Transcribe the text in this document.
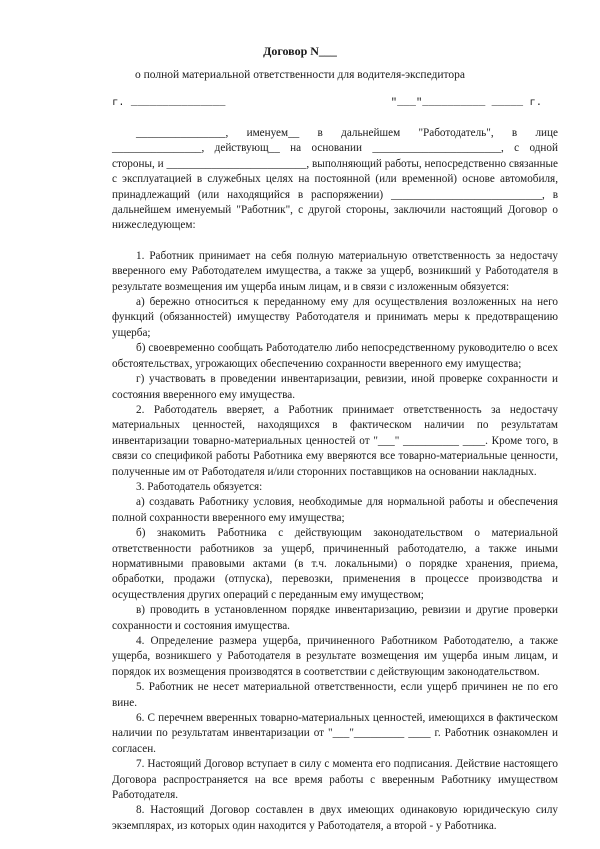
Договор N___
о полной материальной ответственности для водителя-экспедитора
г. _______________	"___"__________ _____ г.

________________, именуем__ в дальнейшем "Работодатель", в лице ________________, действующ__ на основании _______________________, с одной стороны, и _________________________, выполняющий работы, непосредственно связанные с эксплуатацией в служебных целях на постоянной (или временной) основе автомобиля, принадлежащий (или находящийся в распоряжении) ___________________________, в дальнейшем именуемый "Работник", с другой стороны, заключили настоящий Договор о нижеследующем:

1. Работник принимает на себя полную материальную ответственность за недостачу вверенного ему Работодателем имущества, а также за ущерб, возникший у Работодателя в результате возмещения им ущерба иным лицам, и в связи с изложенным обязуется:

а) бережно относиться к переданному ему для осуществления возложенных на него функций (обязанностей) имуществу Работодателя и принимать меры к предотвращению ущерба;

б) своевременно сообщать Работодателю либо непосредственному руководителю о всех обстоятельствах, угрожающих обеспечению сохранности вверенного ему имущества;

г) участвовать в проведении инвентаризации, ревизии, иной проверке сохранности и состояния вверенного ему имущества.

2. Работодатель вверяет, а Работник принимает ответственность за недостачу материальных ценностей, находящихся в фактическом наличии по результатам инвентаризации товарно-материальных ценностей от "___" __________ ____. Кроме того, в связи со спецификой работы Работника ему вверяются все товарно-материальные ценности, полученные им от Работодателя и/или сторонних поставщиков на основании накладных.

3. Работодатель обязуется:

а) создавать Работнику условия, необходимые для нормальной работы и обеспечения полной сохранности вверенного ему имущества;

б) знакомить Работника с действующим законодательством о материальной ответственности работников за ущерб, причиненный работодателю, а также иными нормативными правовыми актами (в т.ч. локальными) о порядке хранения, приема, обработки, продажи (отпуска), перевозки, применения в процессе производства и осуществления других операций с переданным ему имуществом;

в) проводить в установленном порядке инвентаризацию, ревизии и другие проверки сохранности и состояния имущества.

4. Определение размера ущерба, причиненного Работником Работодателю, а также ущерба, возникшего у Работодателя в результате возмещения им ущерба иным лицам, и порядок их возмещения производятся в соответствии с действующим законодательством.

5. Работник не несет материальной ответственности, если ущерб причинен не по его вине.

6. С перечнем вверенных товарно-материальных ценностей, имеющихся в фактическом наличии по результатам инвентаризации от "___"_________ ____ г. Работник ознакомлен и согласен.

7. Настоящий Договор вступает в силу с момента его подписания. Действие настоящего Договора распространяется на все время работы с вверенным Работнику имуществом Работодателя.

8. Настоящий Договор составлен в двух имеющих одинаковую юридическую силу экземплярах, из которых один находится у Работодателя, а второй - у Работника.
